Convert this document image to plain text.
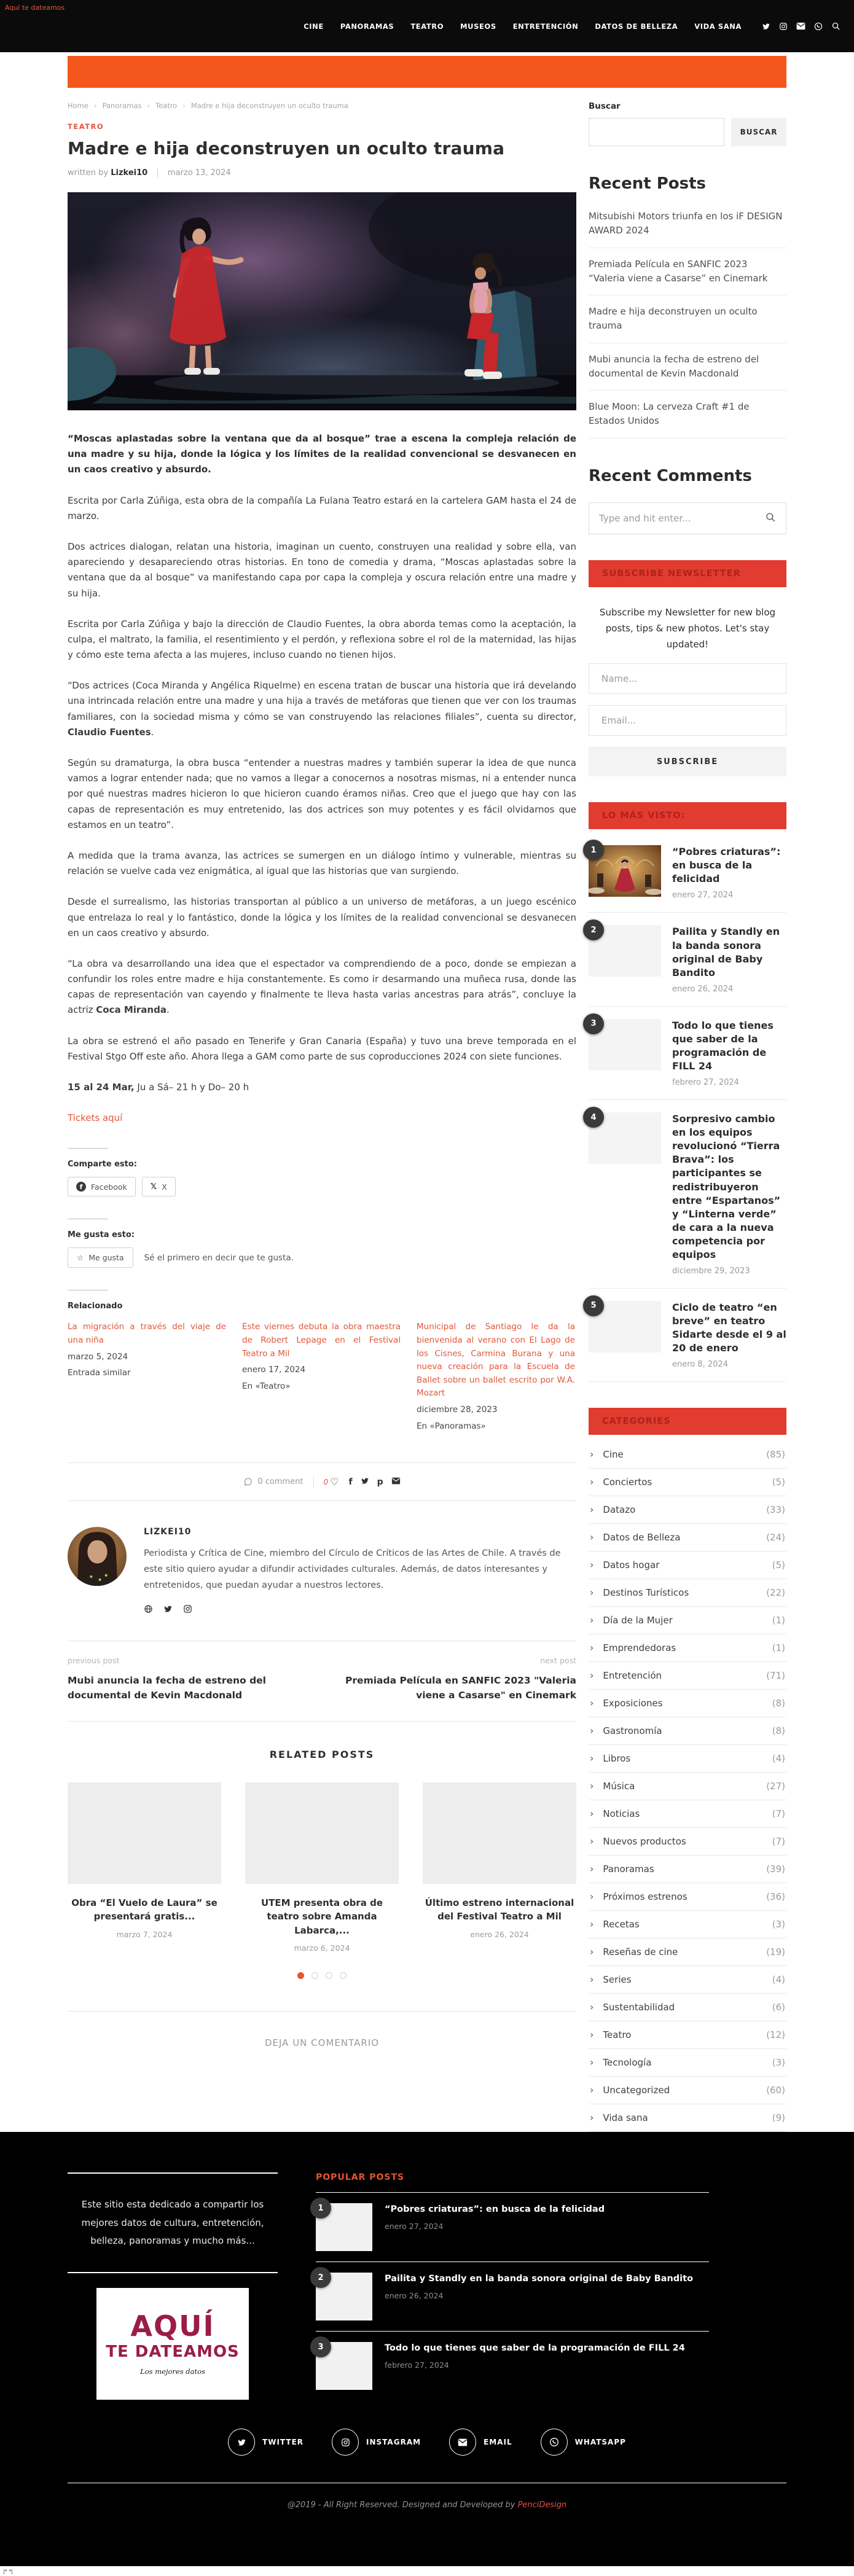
Aquí te dateamos
CINE PANORAMAS TEATRO MUSEOS ENTRETENCIÓN DATOS DE BELLEZA VIDA SANA
Home › Panoramas › Teatro › Madre e hija deconstruyen un oculto trauma
TEATRO
Madre e hija deconstruyen un oculto trauma
written by Lizkei10 | marzo 13, 2024

“Moscas aplastadas sobre la ventana que da al bosque” trae a escena la compleja relación de una madre y su hija, donde la lógica y los límites de la realidad convencional se desvanecen en un caos creativo y absurdo.

Escrita por Carla Zúñiga, esta obra de la compañía La Fulana Teatro estará en la cartelera GAM hasta el 24 de marzo.

Dos actrices dialogan, relatan una historia, imaginan un cuento, construyen una realidad y sobre ella, van apareciendo y desapareciendo otras historias. En tono de comedia y drama, “Moscas aplastadas sobre la ventana que da al bosque” va manifestando capa por capa la compleja y oscura relación entre una madre y su hija.

Escrita por Carla Zúñiga y bajo la dirección de Claudio Fuentes, la obra aborda temas como la aceptación, la culpa, el maltrato, la familia, el resentimiento y el perdón, y reflexiona sobre el rol de la maternidad, las hijas y cómo este tema afecta a las mujeres, incluso cuando no tienen hijos.

“Dos actrices (Coca Miranda y Angélica Riquelme) en escena tratan de buscar una historia que irá develando una intrincada relación entre una madre y una hija a través de metáforas que tienen que ver con los traumas familiares, con la sociedad misma y cómo se van construyendo las relaciones filiales”, cuenta su director, Claudio Fuentes.

Según su dramaturga, la obra busca “entender a nuestras madres y también superar la idea de que nunca vamos a lograr entender nada; que no vamos a llegar a conocernos a nosotras mismas, ni a entender nunca por qué nuestras madres hicieron lo que hicieron cuando éramos niñas. Creo que el juego que hay con las capas de representación es muy entretenido, las dos actrices son muy potentes y es fácil olvidarnos que estamos en un teatro”.

A medida que la trama avanza, las actrices se sumergen en un diálogo íntimo y vulnerable, mientras su relación se vuelve cada vez enigmática, al igual que las historias que van surgiendo.

Desde el surrealismo, las historias transportan al público a un universo de metáforas, a un juego escénico que entrelaza lo real y lo fantástico, donde la lógica y los límites de la realidad convencional se desvanecen en un caos creativo y absurdo.

“La obra va desarrollando una idea que el espectador va comprendiendo de a poco, donde se empiezan a confundir los roles entre madre e hija constantemente. Es como ir desarmando una muñeca rusa, donde las capas de representación van cayendo y finalmente te lleva hasta varias ancestras para atrás”, concluye la actriz Coca Miranda.

La obra se estrenó el año pasado en Tenerife y Gran Canaria (España) y tuvo una breve temporada en el Festival Stgo Off este año. Ahora llega a GAM como parte de sus coproducciones 2024 con siete funciones.

15 al 24 Mar, Ju a Sá– 21 h y Do– 20 h

Tickets aquí

Comparte esto:
f	Facebook	𝕏 X
Me gusta esto:
☆ Me gusta Sé el primero en decir que te gusta.
Relacionado
La migración a través del viaje de una niña
marzo 5, 2024
Entrada similar
Este viernes debuta la obra maestra de Robert Lepage en el Festival Teatro a Mil
enero 17, 2024
En «Teatro»
Municipal de Santiago le da la bienvenida al verano con El Lago de los Cisnes, Carmina Burana y una nueva creación para la Escuela de Ballet sobre un ballet escrito por W.A. Mozart
diciembre 28, 2023
En «Panoramas»
0 comment	0 ♡ f	p
LIZKEI10
Periodista y Crítica de Cine, miembro del Círculo de Críticos de las Artes de Chile. A través de este sitio quiero ayudar a difundir actividades culturales. Además, de datos interesantes y entretenidos, que puedan ayudar a nuestros lectores.
previous post
Mubi anuncia la fecha de estreno del documental de Kevin Macdonald
next post
Premiada Película en SANFIC 2023 "Valeria viene a Casarse" en Cinemark
RELATED POSTS
Obra “El Vuelo de Laura” se presentará gratis...
marzo 7, 2024
UTEM presenta obra de teatro sobre Amanda Labarca,...
marzo 6, 2024
Último estreno internacional del Festival Teatro a Mil
enero 26, 2024
DEJA UN COMENTARIO
Buscar
BUSCAR
Recent Posts
Mitsubishi Motors triunfa en los iF DESIGN AWARD 2024
Premiada Película en SANFIC 2023 “Valeria viene a Casarse” en Cinemark
Madre e hija deconstruyen un oculto trauma
Mubi anuncia la fecha de estreno del documental de Kevin Macdonald
Blue Moon: La cerveza Craft #1 de Estados Unidos
Recent Comments
Type and hit enter...
SUBSCRIBE NEWSLETTER
Subscribe my Newsletter for new blog posts, tips & new photos. Let's stay updated!
Name... Email... SUBSCRIBE
LO MÁS VISTO:
1	“Pobres criaturas”: en busca de la felicidad
enero 27, 2024
2	Pailita y Standly en la banda sonora original de Baby Bandito
enero 26, 2024
3	Todo lo que tienes que saber de la programación de FILL 24
febrero 27, 2024
4	Sorpresivo cambio en los equipos revolucionó “Tierra Brava”: los participantes se redistribuyeron entre “Espartanos” y “Linterna verde” de cara a la nueva competencia por equipos
diciembre 29, 2023
5	Ciclo de teatro “en breve” en teatro Sidarte desde el 9 al 20 de enero
enero 8, 2024
CATEGORIES
› Cine	(85)
› Conciertos	(5)
› Datazo	(33)
› Datos de Belleza	(24)
› Datos hogar	(5)
› Destinos Turísticos	(22)
› Día de la Mujer	(1)
› Emprendedoras	(1)
› Entretención	(71)
› Exposiciones	(8)
› Gastronomía	(8)
› Libros	(4)
› Música	(27)
› Noticias	(7)
› Nuevos productos	(7)
› Panoramas	(39)
› Próximos estrenos	(36)
› Recetas	(3)
› Reseñas de cine	(19)
› Series	(4)
› Sustentabilidad	(6)
› Teatro	(12)
› Tecnología	(3)
› Uncategorized	(60)
› Vida sana	(9)
Este sitio esta dedicado a compartir los mejores datos de cultura, entretención, belleza, panoramas y mucho más...
AQUÍ
TE DATEAMOS
Los mejores datos
POPULAR POSTS
1	“Pobres criaturas”: en busca de la felicidad
enero 27, 2024
2	Pailita y Standly en la banda sonora original de Baby Bandito
enero 26, 2024
3	Todo lo que tienes que saber de la programación de FILL 24
febrero 27, 2024
TWITTER	INSTAGRAM	EMAIL	WHATSAPP
@2019 - All Right Reserved. Designed and Developed by PenciDesign
|* *|
